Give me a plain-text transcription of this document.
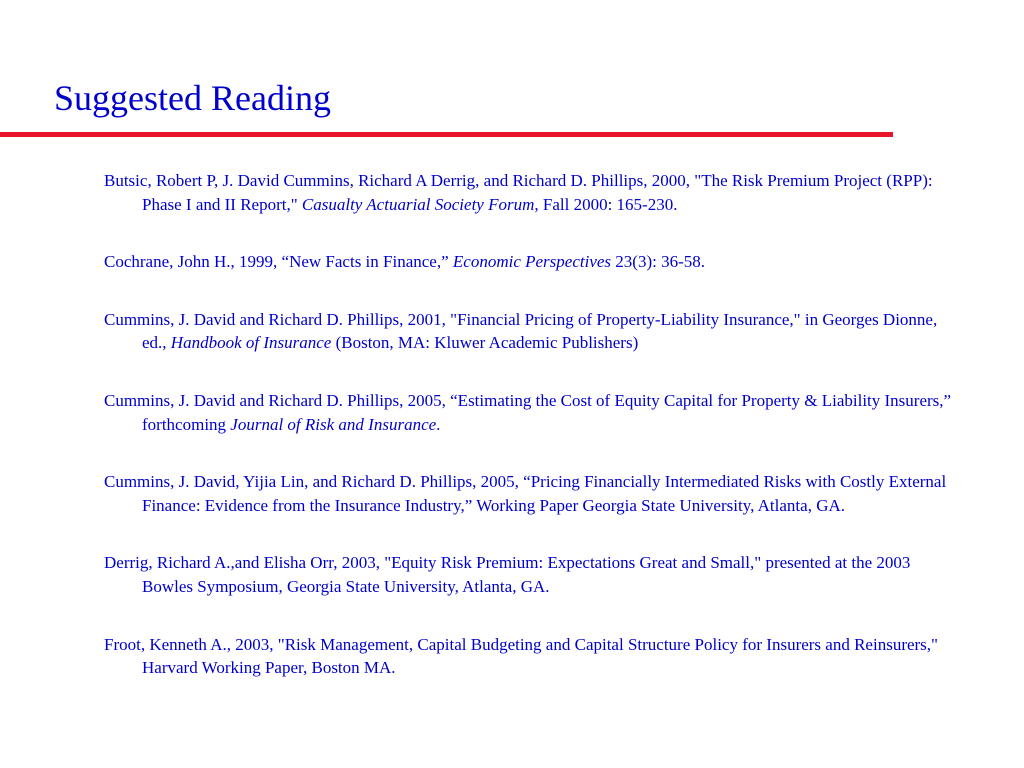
Suggested Reading
Butsic, Robert P, J. David Cummins, Richard A Derrig, and Richard D. Phillips, 2000, "The Risk Premium Project (RPP): Phase I and II Report," Casualty Actuarial Society Forum, Fall 2000: 165-230.
Cochrane, John H., 1999, “New Facts in Finance,” Economic Perspectives 23(3): 36-58.
Cummins, J. David and Richard D. Phillips, 2001, "Financial Pricing of Property-Liability Insurance," in Georges Dionne, ed., Handbook of Insurance (Boston, MA: Kluwer Academic Publishers)
Cummins, J. David and Richard D. Phillips, 2005, “Estimating the Cost of Equity Capital for Property & Liability Insurers,” forthcoming Journal of Risk and Insurance.
Cummins, J. David, Yijia Lin, and Richard D. Phillips, 2005, “Pricing Financially Intermediated Risks with Costly External Finance: Evidence from the Insurance Industry,” Working Paper Georgia State University, Atlanta, GA.
Derrig, Richard A.,and Elisha Orr, 2003, "Equity Risk Premium: Expectations Great and Small," presented at the 2003 Bowles Symposium, Georgia State University, Atlanta, GA.
Froot, Kenneth A., 2003, "Risk Management, Capital Budgeting and Capital Structure Policy for Insurers and Reinsurers," Harvard Working Paper, Boston MA.
